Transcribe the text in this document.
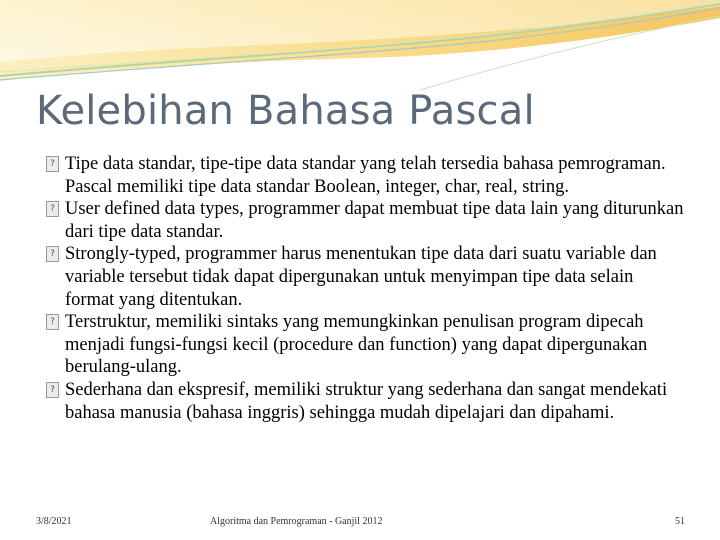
Kelebihan Bahasa Pascal
? Tipe data standar, tipe-tipe data standar yang telah tersedia bahasa pemrograman. Pascal memiliki tipe data standar Boolean, integer, char, real, string.
? User defined data types, programmer dapat membuat tipe data lain yang diturunkan dari tipe data standar.
? Strongly-typed, programmer harus menentukan tipe data dari suatu variable dan variable tersebut tidak dapat dipergunakan untuk menyimpan tipe data selain format yang ditentukan.
? Terstruktur, memiliki sintaks yang memungkinkan penulisan program dipecah menjadi fungsi-fungsi kecil (procedure dan function) yang dapat dipergunakan berulang-ulang.
? Sederhana dan ekspresif, memiliki struktur yang sederhana dan sangat mendekati bahasa manusia (bahasa inggris) sehingga mudah dipelajari dan dipahami.
3/8/2021	Algoritma dan Pemrograman - Ganjil 2012	51
